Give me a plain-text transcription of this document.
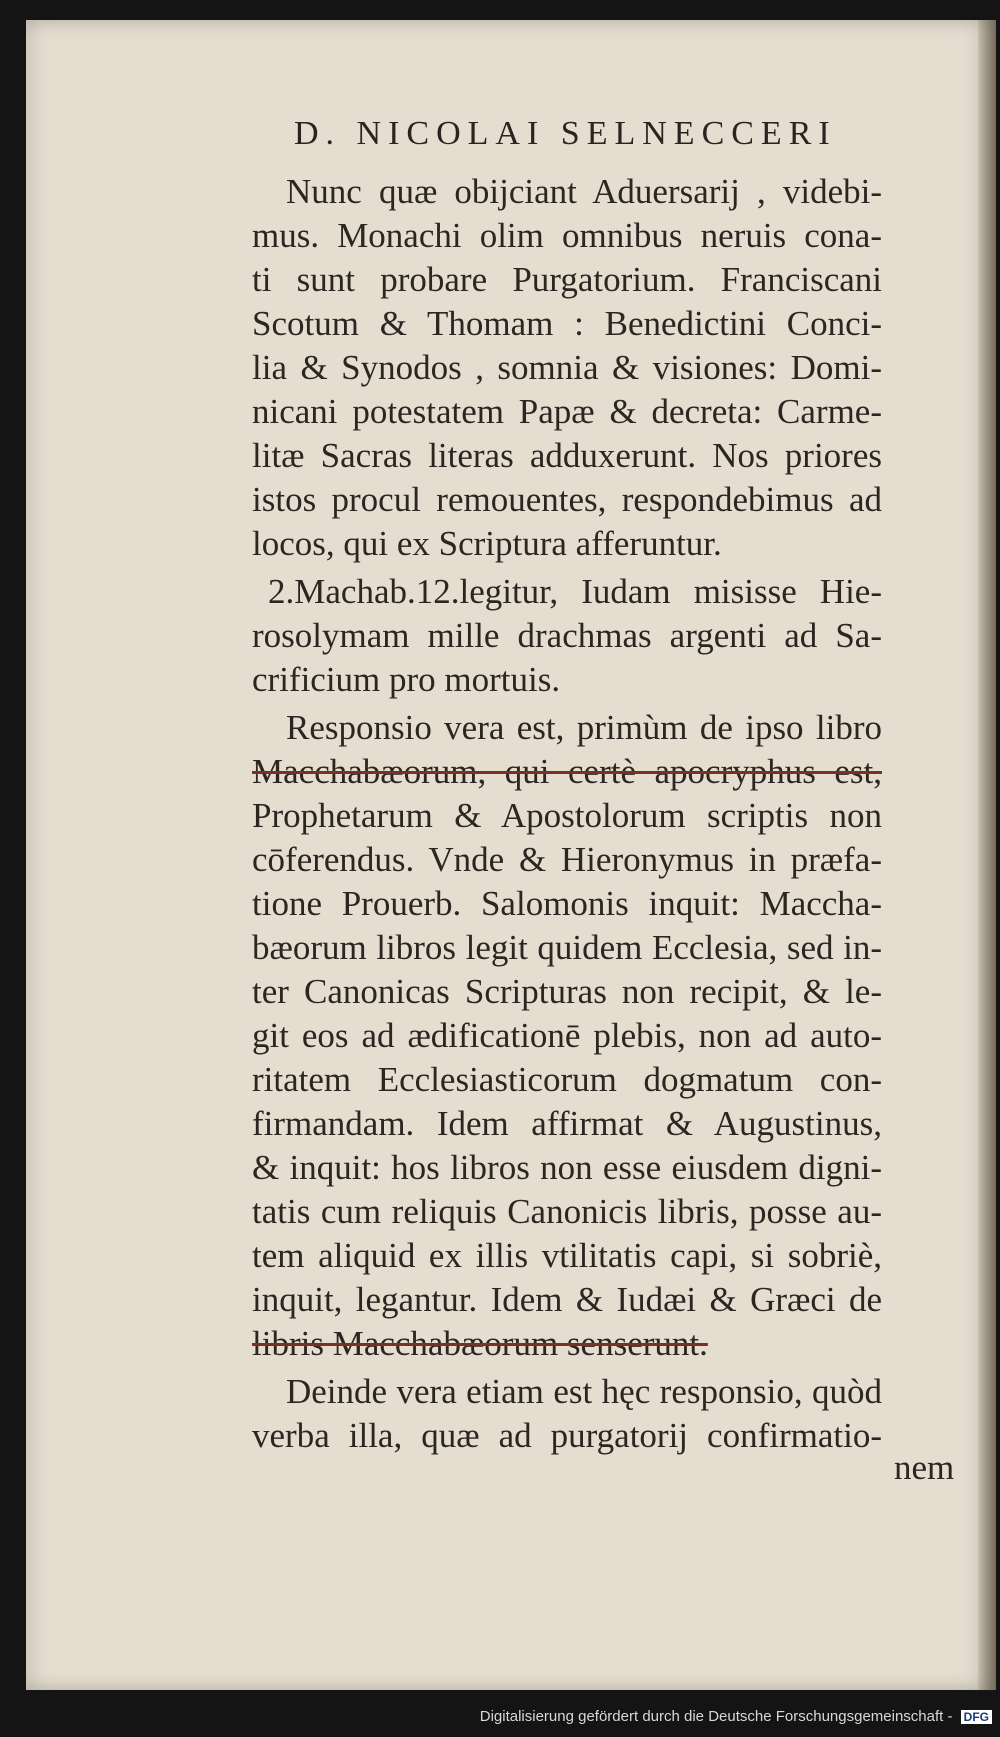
D. NICOLAI SELNECCERI
Nunc quæ obijciant Aduersarij , videbi-
mus. Monachi olim omnibus neruis cona-
ti sunt probare Purgatorium. Franciscani
Scotum & Thomam : Benedictini Conci-
lia & Synodos , somnia & visiones: Domi-
nicani potestatem Papæ & decreta: Carme-
litæ Sacras literas adduxerunt. Nos priores
istos procul remouentes, respondebimus ad
locos, qui ex Scriptura afferuntur.
2.Machab.12.legitur, Iudam misisse Hie-
rosolymam mille drachmas argenti ad Sa-
crificium pro mortuis.
Responsio vera est, primùm de ipso libro
Macchabæorum, qui certè apocryphus est,
Prophetarum & Apostolorum scriptis non
cōferendus. Vnde & Hieronymus in præfa-
tione Prouerb. Salomonis inquit: Maccha-
bæorum libros legit quidem Ecclesia, sed in-
ter Canonicas Scripturas non recipit, & le-
git eos ad ædificationē plebis, non ad auto-
ritatem Ecclesiasticorum dogmatum con-
firmandam. Idem affirmat & Augustinus,
& inquit: hos libros non esse eiusdem digni-
tatis cum reliquis Canonicis libris, posse au-
tem aliquid ex illis vtilitatis capi, si sobriè,
inquit, legantur. Idem & Iudæi & Græci de
libris Macchabæorum senserunt.
Deinde vera etiam est hęc responsio, quòd
verba illa, quæ ad purgatorij confirmatio-
nem
Digitalisierung gefördert durch die Deutsche Forschungsgemeinschaft - DFG
